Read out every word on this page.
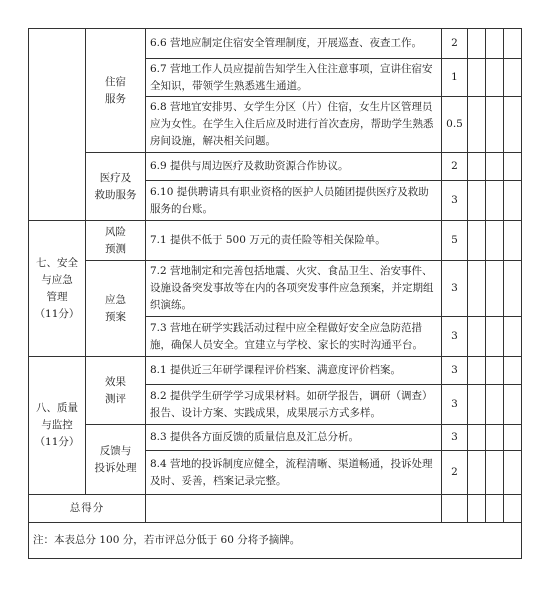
	住宿
服务	6.6 营地应制定住宿安全管理制度，开展巡查、夜查工作。	2			
		6.7 营地工作人员应提前告知学生入住注意事项，宣讲住宿安全知识，带领学生熟悉逃生通道。	1			
		6.8 营地宜安排男、女学生分区（片）住宿，女生片区管理员应为女性。在学生入住后应及时进行首次查房，帮助学生熟悉房间设施，解决相关问题。	0.5			

	医疗及
救助服务	6.9 提供与周边医疗及救助资源合作协议。	2			
		6.10 提供聘请具有职业资格的医护人员随团提供医疗及救助服务的台账。	3			

七、安全
与应急
管理
（11分）	风险
预测	7.1 提供不低于 500 万元的责任险等相关保险单。	5			

	应急
预案	7.2 营地制定和完善包括地震、火灾、食品卫生、治安事件、设施设备突发事故等在内的各项突发事件应急预案，并定期组织演练。	3			
		7.3 营地在研学实践活动过程中应全程做好安全应急防范措施，确保人员安全。宜建立与学校、家长的实时沟通平台。	3			

八、质量
与监控
（11分）	效果
测评	8.1 提供近三年研学课程评价档案、满意度评价档案。	3			
		8.2 提供学生研学学习成果材料。如研学报告，调研（调查）报告、设计方案、实践成果，成果展示方式多样。	3			

	反馈与
投诉处理	8.3 提供各方面反馈的质量信息及汇总分析。	3			
		8.4 营地的投诉制度应健全，流程清晰、渠道畅通，投诉处理及时、妥善，档案记录完整。	2			
总得分						
注：本表总分 100 分，若市评总分低于 60 分将予摘牌。						
